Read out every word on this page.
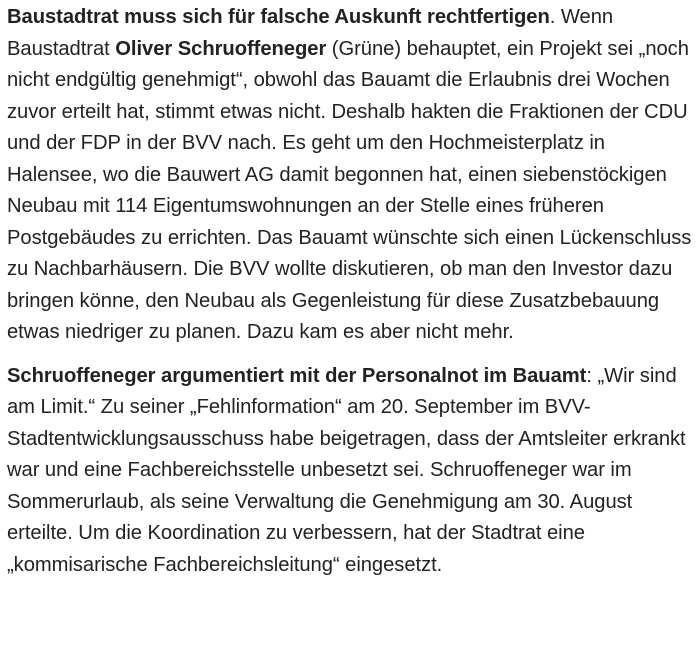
Baustadtrat muss sich für falsche Auskunft rechtfertigen. Wenn Baustadtrat Oliver Schruoffeneger (Grüne) behauptet, ein Projekt sei „noch nicht endgültig genehmigt“, obwohl das Bauamt die Erlaubnis drei Wochen zuvor erteilt hat, stimmt etwas nicht. Deshalb hakten die Fraktionen der CDU und der FDP in der BVV nach. Es geht um den Hochmeisterplatz in Halensee, wo die Bauwert AG damit begonnen hat, einen siebenstöckigen Neubau mit 114 Eigentumswohnungen an der Stelle eines früheren Postgebäudes zu errichten. Das Bauamt wünschte sich einen Lückenschluss zu Nachbarhäusern. Die BVV wollte diskutieren, ob man den Investor dazu bringen könne, den Neubau als Gegenleistung für diese Zusatzbebauung etwas niedriger zu planen. Dazu kam es aber nicht mehr.

Schruoffeneger argumentiert mit der Personalnot im Bauamt: „Wir sind am Limit.“ Zu seiner „Fehlinformation“ am 20. September im BVV-Stadtentwicklungsausschuss habe beigetragen, dass der Amtsleiter erkrankt war und eine Fachbereichsstelle unbesetzt sei. Schruoffeneger war im Sommerurlaub, als seine Verwaltung die Genehmigung am 30. August erteilte. Um die Koordination zu verbessern, hat der Stadtrat eine „kommisarische Fachbereichsleitung“ eingesetzt.
